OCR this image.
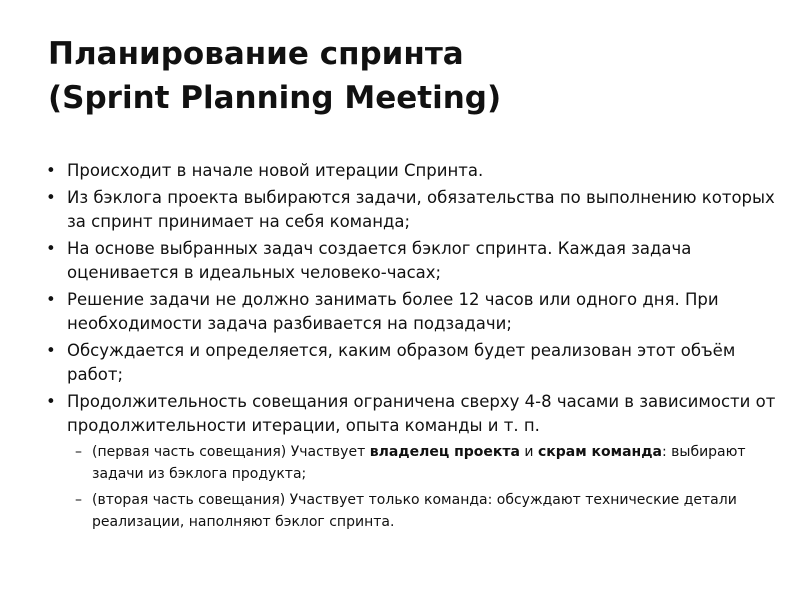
Планирование спринта
(Sprint Planning Meeting)
•
Происходит в начале новой итерации Спринта.
•
Из бэклога проекта выбираются задачи, обязательства по выполнению которых за спринт принимает на себя команда;
•
На основе выбранных задач создается бэклог спринта. Каждая задача оценивается в идеальных человеко-часах;
•
Решение задачи не должно занимать более 12 часов или одного дня. При необходимости задача разбивается на подзадачи;
•
Обсуждается и определяется, каким образом будет реализован этот объём работ;
•
Продолжительность совещания ограничена сверху 4-8 часами в зависимости от продолжительности итерации, опыта команды и т. п.
–
(первая часть совещания) Участвует владелец проекта и скрам команда: выбирают задачи из бэклога продукта;
–
(вторая часть совещания) Участвует только команда: обсуждают технические детали реализации, наполняют бэклог спринта.
